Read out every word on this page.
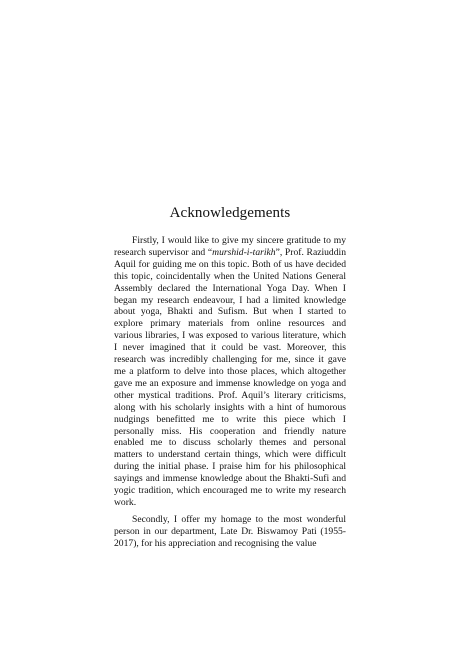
Acknowledgements

Firstly, I would like to give my sincere gratitude to my research supervisor and “murshid-i-tarikh”, Prof. Raziuddin Aquil for guiding me on this topic. Both of us have decided this topic, coincidentally when the United Nations General Assembly declared the International Yoga Day. When I began my research endeavour, I had a limited knowledge about yoga, Bhakti and Sufism. But when I started to explore primary materials from online resources and various libraries, I was exposed to various literature, which I never imagined that it could be vast. Moreover, this research was incredibly challenging for me, since it gave me a platform to delve into those places, which altogether gave me an exposure and immense knowledge on yoga and other mystical traditions. Prof. Aquil’s literary criticisms, along with his scholarly insights with a hint of humorous nudgings benefitted me to write this piece which I personally miss. His cooperation and friendly nature enabled me to discuss scholarly themes and personal matters to understand certain things, which were difficult during the initial phase. I praise him for his philosophical sayings and immense knowledge about the Bhakti-Sufi and yogic tradition, which encouraged me to write my research work.

Secondly, I offer my homage to the most wonderful person in our department, Late Dr. Biswamoy Pati (1955-2017), for his appreciation and recognising the value
